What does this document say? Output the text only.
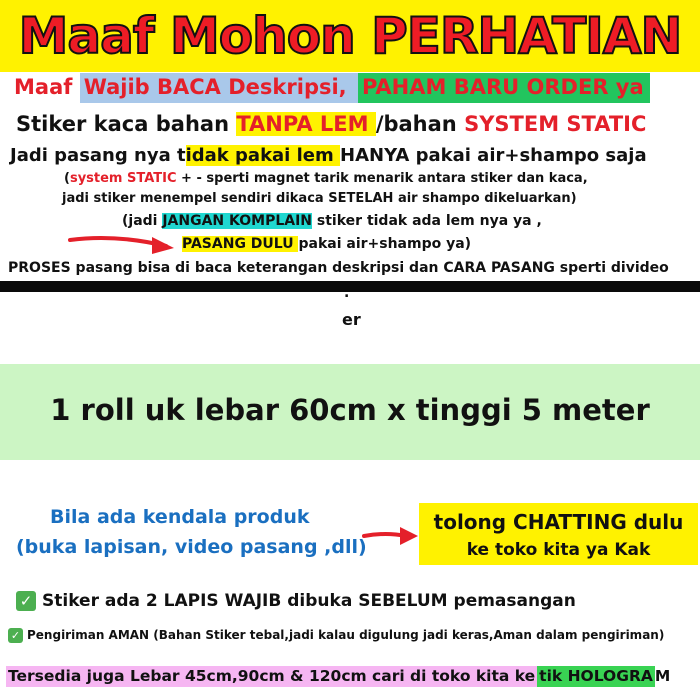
Maaf Mohon PERHATIAN
Maaf Wajib BACA Deskripsi, PAHAM BARU ORDER ya
Stiker kaca bahan TANPA LEM /bahan SYSTEM STATIC
Jadi pasang nya tidak pakai lem HANYA pakai air+shampo saja
(system STATIC + - sperti magnet tarik menarik antara stiker dan kaca,
jadi stiker menempel sendiri dikaca SETELAH air shampo dikeluarkan)
(jadi JANGAN KOMPLAIN stiker tidak ada lem nya ya ,
PASANG DULU pakai air+shampo ya)
PROSES pasang bisa di baca keterangan deskripsi dan CARA PASANG sperti divideo
.
er
1 roll uk lebar 60cm x tinggi 5 meter
Bila ada kendala produk
(buka lapisan, video pasang ,dll)
tolong CHATTING dulu
ke toko kita ya Kak
✓ Stiker ada 2 LAPIS WAJIB dibuka SEBELUM pemasangan
✓ Pengiriman AMAN (Bahan Stiker tebal,jadi kalau digulung jadi keras,Aman dalam pengiriman)
Tersedia juga Lebar 45cm,90cm & 120cm cari di toko kita ke tik HOLOGRA M
